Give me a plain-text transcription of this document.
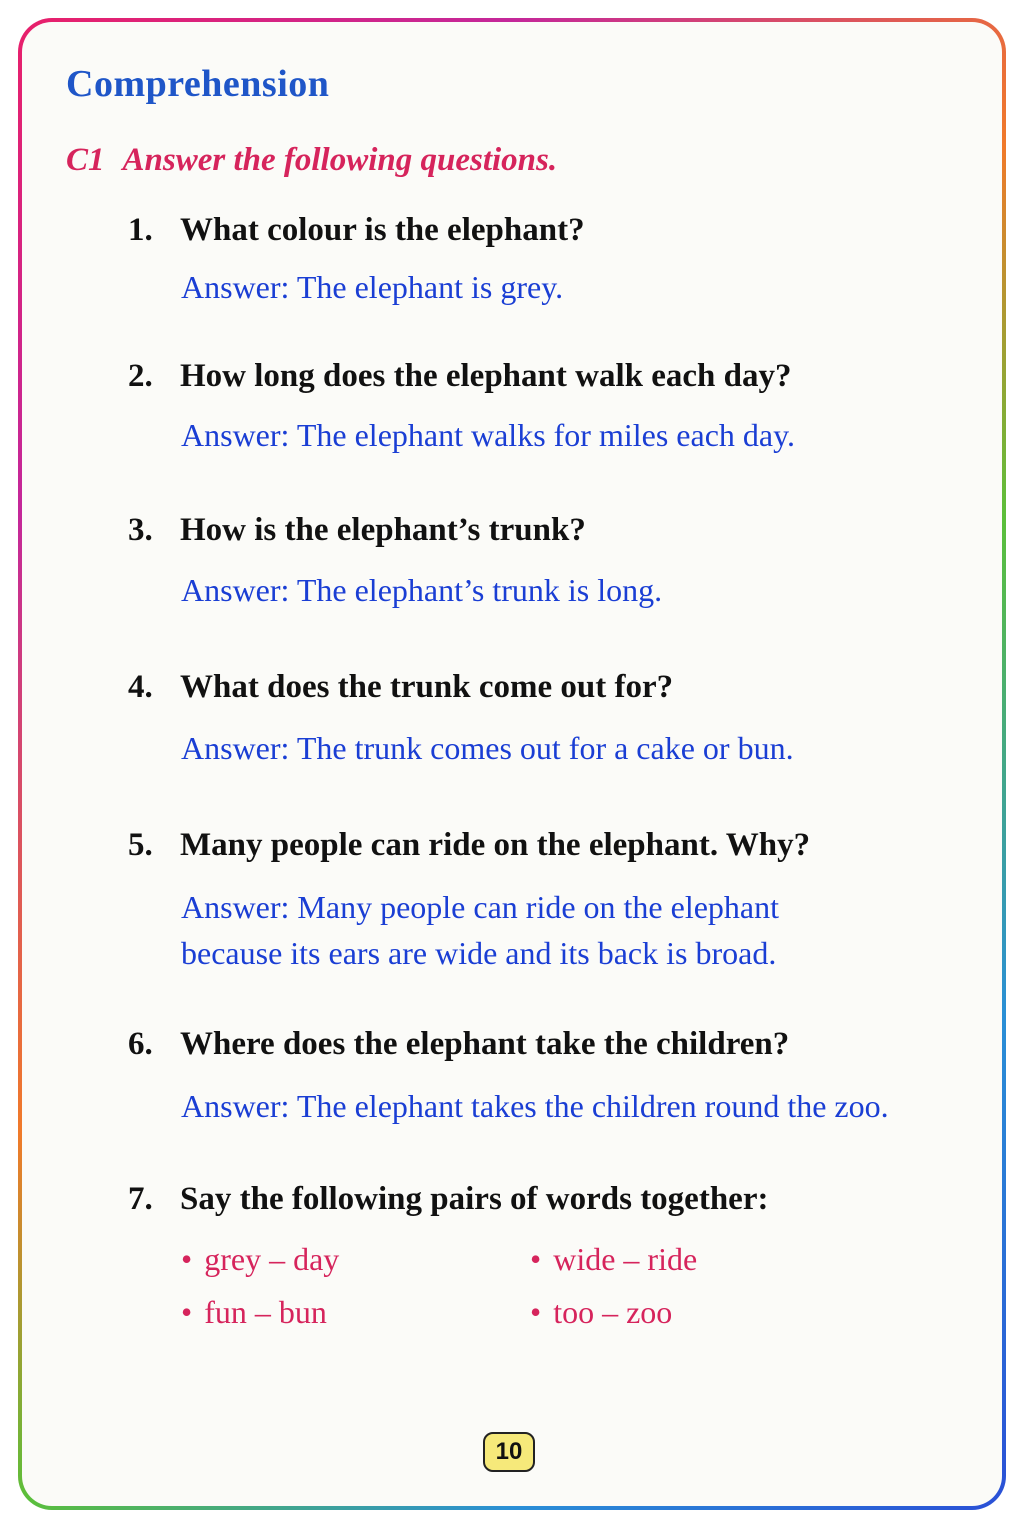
Comprehension
C1 Answer the following questions.
1. What colour is the elephant?
Answer: The elephant is grey.
2. How long does the elephant walk each day?
Answer: The elephant walks for miles each day.
3. How is the elephant’s trunk?
Answer: The elephant’s trunk is long.
4. What does the trunk come out for?
Answer: The trunk comes out for a cake or bun.
5. Many people can ride on the elephant. Why?
Answer: Many people can ride on the elephant
because its ears are wide and its back is broad.
6. Where does the elephant take the children?
Answer: The elephant takes the children round the zoo.
7. Say the following pairs of words together:
• grey – day	• wide – ride
• fun – bun	• too – zoo
10
